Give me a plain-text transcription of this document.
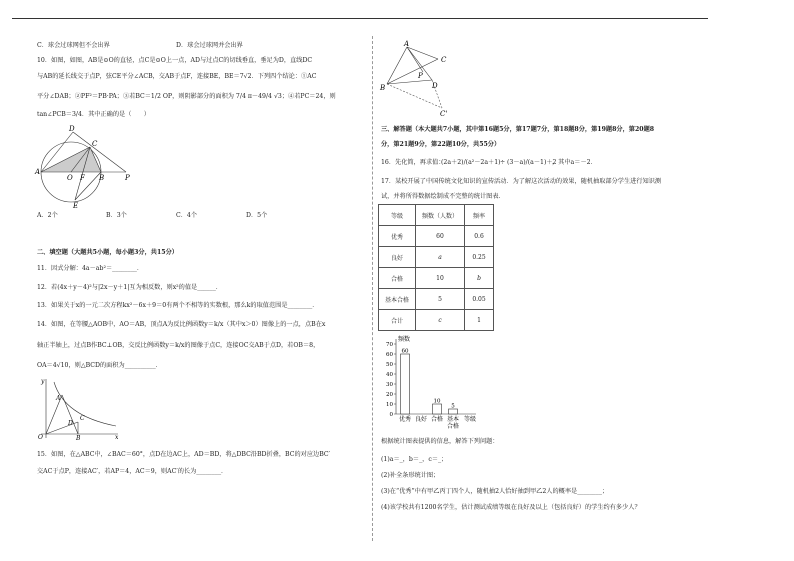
C．球会过球网但不会出界	D．球会过球网并会出界
10．如图，如图，AB是⊙O的直径，点C是⊙O上一点，AD与过点C的切线垂直，垂足为D，直线DC
与AB的延长线交于点P，弦CE平分∠ACB，交AB于点F，连接BE，BE＝7√2．下列四个结论：①AC
平分∠DAB；②PF²＝PB·PA；③若BC＝1/2 OP，则阴影部分的面积为 7/4 π－49/4 √3；④若PC＝24，则
tan∠PCB＝3/4．其中正确的是（　　）
D
C
A
O F B	P
E
A．2个	B．3个	C．4个	D．5个
二、填空题（大题共5小题，每小题3分，共15分）
11．因式分解：4a－ab²＝________．
12．若(4x＋y－4)²与|2x－y＋1|互为相反数，则x²的值是______．
13．如果关于x的一元二次方程kx²－6x＋9＝0有两个不相等的实数根，那么k的取值范围是________．
14．如图，在等腰△AOB中，AO＝AB，顶点A为反比例函数y＝k/x（其中x＞0）图像上的一点，点B在x
轴正半轴上，过点B作BC⊥OB，交反比例函数y＝k/x的图像于点C，连接OC交AB于点D，若OB＝8，
OA＝4√10，则△BCD的面积为__________．
y
A
C
D
O	B	x
15．如图，在△ABC中，∠BAC＝60°，点D在边AC上，AD＝BD，将△DBC沿BD折叠，BC的对应边BC′
交AC于点P，连接AC′，若AP＝4，AC＝9，则AC′的长为________．
A
C
B
P
D
C'
三、解答题（本大题共7小题，其中第16题5分，第17题7分，第18题8分，第19题8分，第20题8
分，第21题9分，第22题10分，共55分）
16．先化简，再求值：
(2a＋2)/(a²－2a＋1) ÷ (3－a)/(a－1)＋2
，其中a＝－2．
17．某校开展了中国传统文化知识的宣传活动．为了解这次活动的效果，随机抽取部分学生进行知识测
试，并将所得数据绘制成不完整的统计图表．
等级	频数（人数）	频率
优秀	60	0.6
良好	a	0.25
合格	10	b
基本合格	5	0.05
合计	c	1
频数
0
10
20
30
40
50
60
70
60
优秀 良好
10
合格
5
基本
合格
等级
根据统计图表提供的信息，解答下列问题：
(1)a＝_，b＝_，c＝_；
(2)补全条形统计图；
(3)在“优秀”中有甲乙丙丁四个人，随机抽2人恰好抽到甲乙2人的概率是________；
(4)该学校共有1200名学生，估计测试成绩等级在良好及以上（包括良好）的学生约有多少人？
